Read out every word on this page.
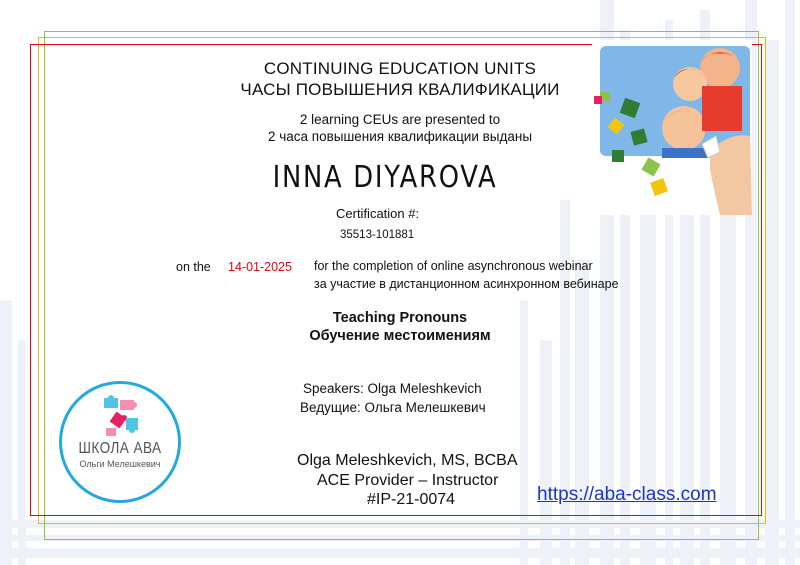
CONTINUING EDUCATION UNITS
ЧАСЫ ПОВЫШЕНИЯ КВАЛИФИКАЦИИ
2 learning CEUs are presented to
2 часа повышения квалификации выданы
INNA DIYAROVA
Certification #:
35513-101881
on the 14-01-2025 for the completion of online asynchronous webinar
за участие в дистанционном асинхронном вебинаре
Teaching Pronouns
Обучение местоимениям
Speakers: Olga Meleshkevich
Ведущие: Ольга Мелешкевич
Olga Meleshkevich, MS, BCBA
ACE Provider – Instructor
#IP-21-0074	https://aba-class.com
ШКОЛА АВА
Ольги Мелешкевич
